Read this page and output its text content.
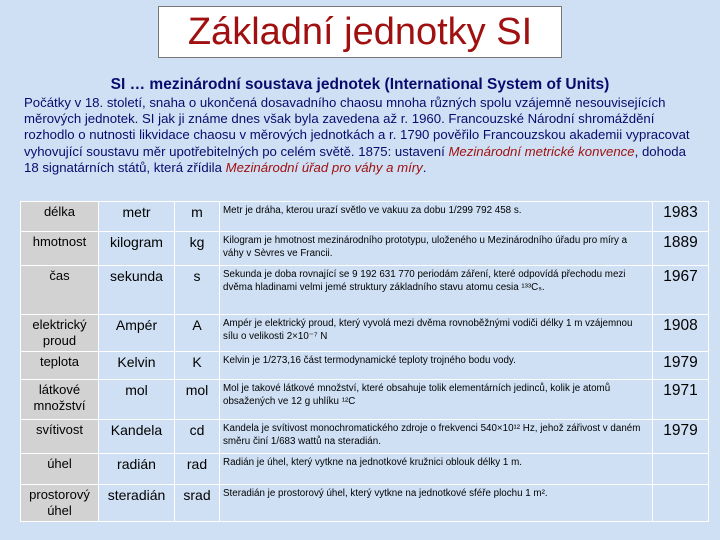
Základní jednotky SI
SI … mezinárodní soustava jednotek (International System of Units)
Počátky v 18. století, snaha o ukončená dosavadního chaosu mnoha různých spolu vzájemně nesouvisejících měrových jednotek. SI jak ji známe dnes však byla zavedena až r. 1960. Francouzské Národní shromáždění rozhodlo o nutnosti likvidace chaosu v měrových jednotkách a r. 1790 pověřilo Francouzskou akademii vypracovat vyhovující soustavu měr upotřebitelných po celém světě. 1875: ustavení Mezinárodní metrické konvence, dohoda 18 signatárních států, která zřídila Mezinárodní úřad pro váhy a míry.
délka	metr	m	Metr je dráha, kterou urazí světlo ve vakuu za dobu 1/299 792 458 s.	1983
hmotnost	kilogram	kg	Kilogram je hmotnost mezinárodního prototypu, uloženého u Mezinárodního úřadu pro míry a váhy v Sèvres ve Francii.	1889
čas	sekunda	s	Sekunda je doba rovnající se 9 192 631 770 periodám záření, které odpovídá přechodu mezi dvěma hladinami velmi jemé struktury základního stavu atomu cesia ¹³³Cₛ.	1967
elektrický proud	Ampér	A	Ampér je elektrický proud, který vyvolá mezi dvěma rovnoběžnými vodiči délky 1 m vzájemnou sílu o velikosti 2×10⁻⁷ N	1908
teplota	Kelvin	K	Kelvin je 1/273,16 část termodynamické teploty trojného bodu vody.	1979
látkové množství	mol	mol	Mol je takové látkové množství, které obsahuje tolik elementárních jedinců, kolik je atomů obsažených ve 12 g uhlíku ¹²C	1971
svítivost	Kandela	cd	Kandela je svítivost monochromatického zdroje o frekvenci 540×10¹² Hz, jehož zářivost v daném směru činí 1/683 wattů na steradián.	1979
úhel	radián	rad	Radián je úhel, který vytkne na jednotkové kružnici oblouk délky 1 m.	
prostorový úhel	steradián	srad	Steradián je prostorový úhel, který vytkne na jednotkové sféře plochu 1 m².	
